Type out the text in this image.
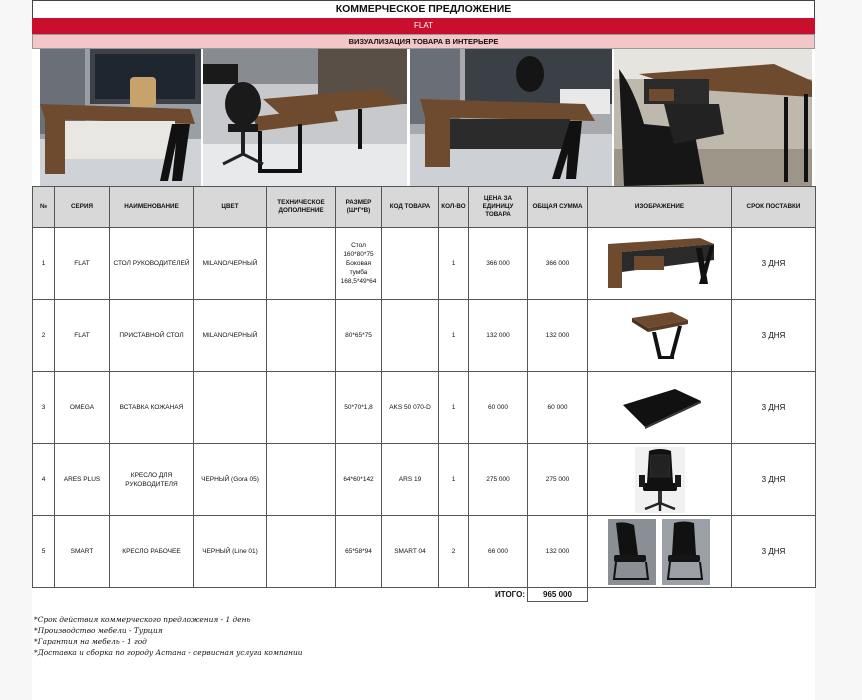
КОММЕРЧЕСКОЕ ПРЕДЛОЖЕНИЕ
FLAT
ВИЗУАЛИЗАЦИЯ ТОВАРА В ИНТЕРЬЕРЕ
№	СЕРИЯ	НАИМЕНОВАНИЕ	ЦВЕТ	ТЕХНИЧЕСКОЕ ДОПОЛНЕНИЕ	РАЗМЕР (Ш*Г*В)	КОД ТОВАРА	КОЛ-ВО	ЦЕНА ЗА ЕДИНИЦУ ТОВАРА	ОБЩАЯ СУММА	ИЗОБРАЖЕНИЕ	СРОК ПОСТАВКИ
1	FLAT	СТОЛ РУКОВОДИТЕЛЕЙ	MILANO/ЧЕРНЫЙ		Стол 160*80*75 Боковая тумба 168,5*49*64		1	366 000	366 000		3 ДНЯ
2	FLAT	ПРИСТАВНОЙ СТОЛ	MILANO/ЧЕРНЫЙ		80*65*75		1	132 000	132 000		3 ДНЯ
3	OMEGA	ВСТАВКА КОЖАНАЯ			50*70*1,8	AKS 50 070-D	1	60 000	60 000		3 ДНЯ
4	ARES PLUS	КРЕСЛО ДЛЯ РУКОВОДИТЕЛЯ	ЧЕРНЫЙ (Gora 05)		64*60*142	ARS 19	1	275 000	275 000		3 ДНЯ
5	SMART	КРЕСЛО РАБОЧЕЕ	ЧЕРНЫЙ (Line 01)		65*58*94	SMART 04	2	66 000	132 000		3 ДНЯ
ИТОГО:									965 000		
*Срок действия коммерческого предложения - 1 день
*Производство мебели - Турция
*Гарантия на мебель - 1 год
*Доставка и сборка по городу Астана - сервисная услуга компании
